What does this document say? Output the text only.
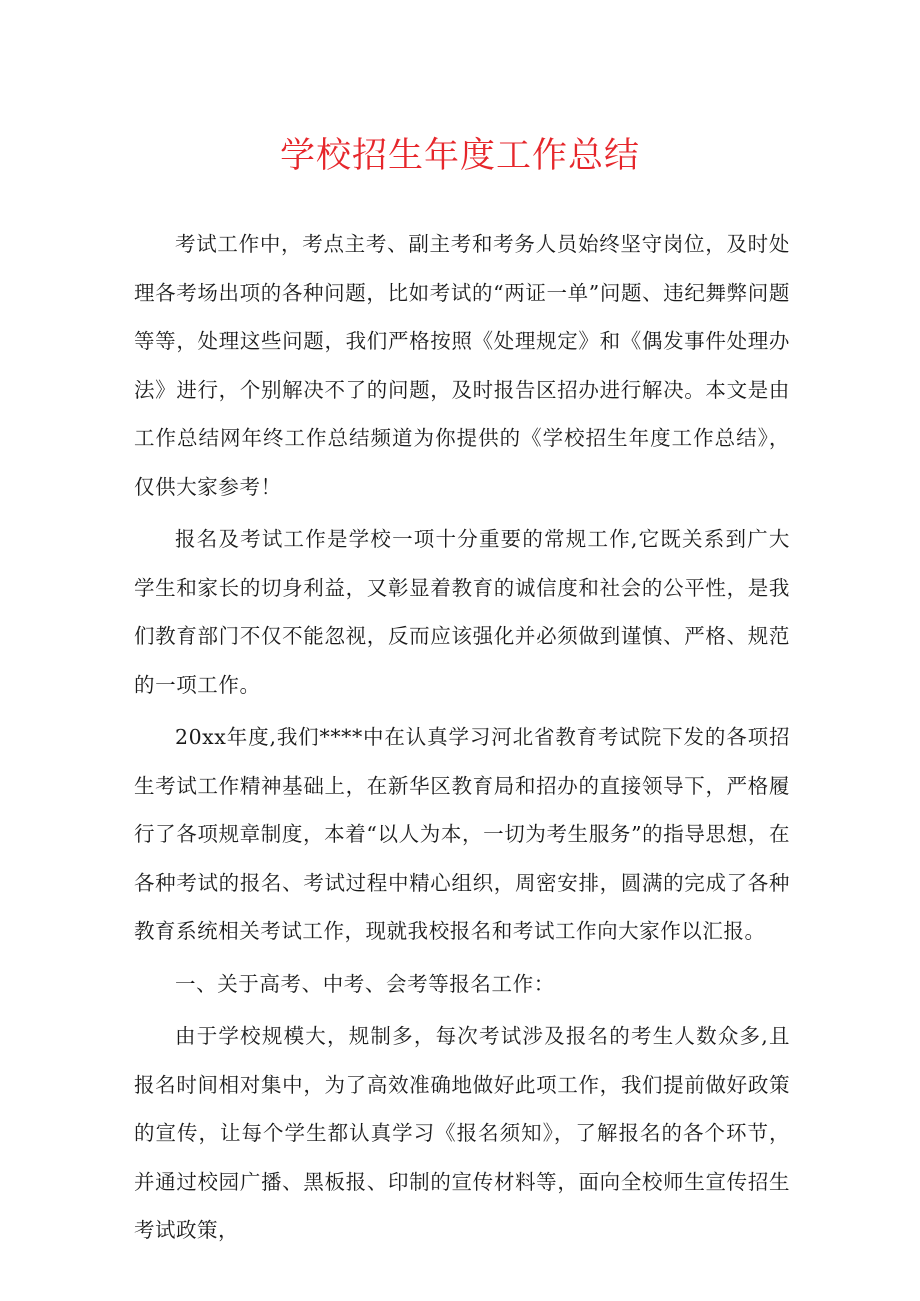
学校招生年度工作总结

考试工作中，考点主考、副主考和考务人员始终坚守岗位，及时处理各考场出项的各种问题，比如考试的“两证一单”问题、违纪舞弊问题等等，处理这些问题，我们严格按照《处理规定》和《偶发事件处理办法》进行，个别解决不了的问题，及时报告区招办进行解决。本文是由工作总结网年终工作总结频道为你提供的《学校招生年度工作总结》，仅供大家参考！

报名及考试工作是学校一项十分重要的常规工作,它既关系到广大学生和家长的切身利益，又彰显着教育的诚信度和社会的公平性，是我们教育部门不仅不能忽视，反而应该强化并必须做到谨慎、严格、规范的一项工作。

20xx年度,我们****中在认真学习河北省教育考试院下发的各项招生考试工作精神基础上，在新华区教育局和招办的直接领导下，严格履行了各项规章制度，本着“以人为本，一切为考生服务”的指导思想，在各种考试的报名、考试过程中精心组织，周密安排，圆满的完成了各种教育系统相关考试工作，现就我校报名和考试工作向大家作以汇报。

一、关于高考、中考、会考等报名工作：

由于学校规模大，规制多，每次考试涉及报名的考生人数众多,且报名时间相对集中，为了高效准确地做好此项工作，我们提前做好政策的宣传，让每个学生都认真学习《报名须知》，了解报名的各个环节，并通过校园广播、黑板报、印制的宣传材料等，面向全校师生宣传招生考试政策，
